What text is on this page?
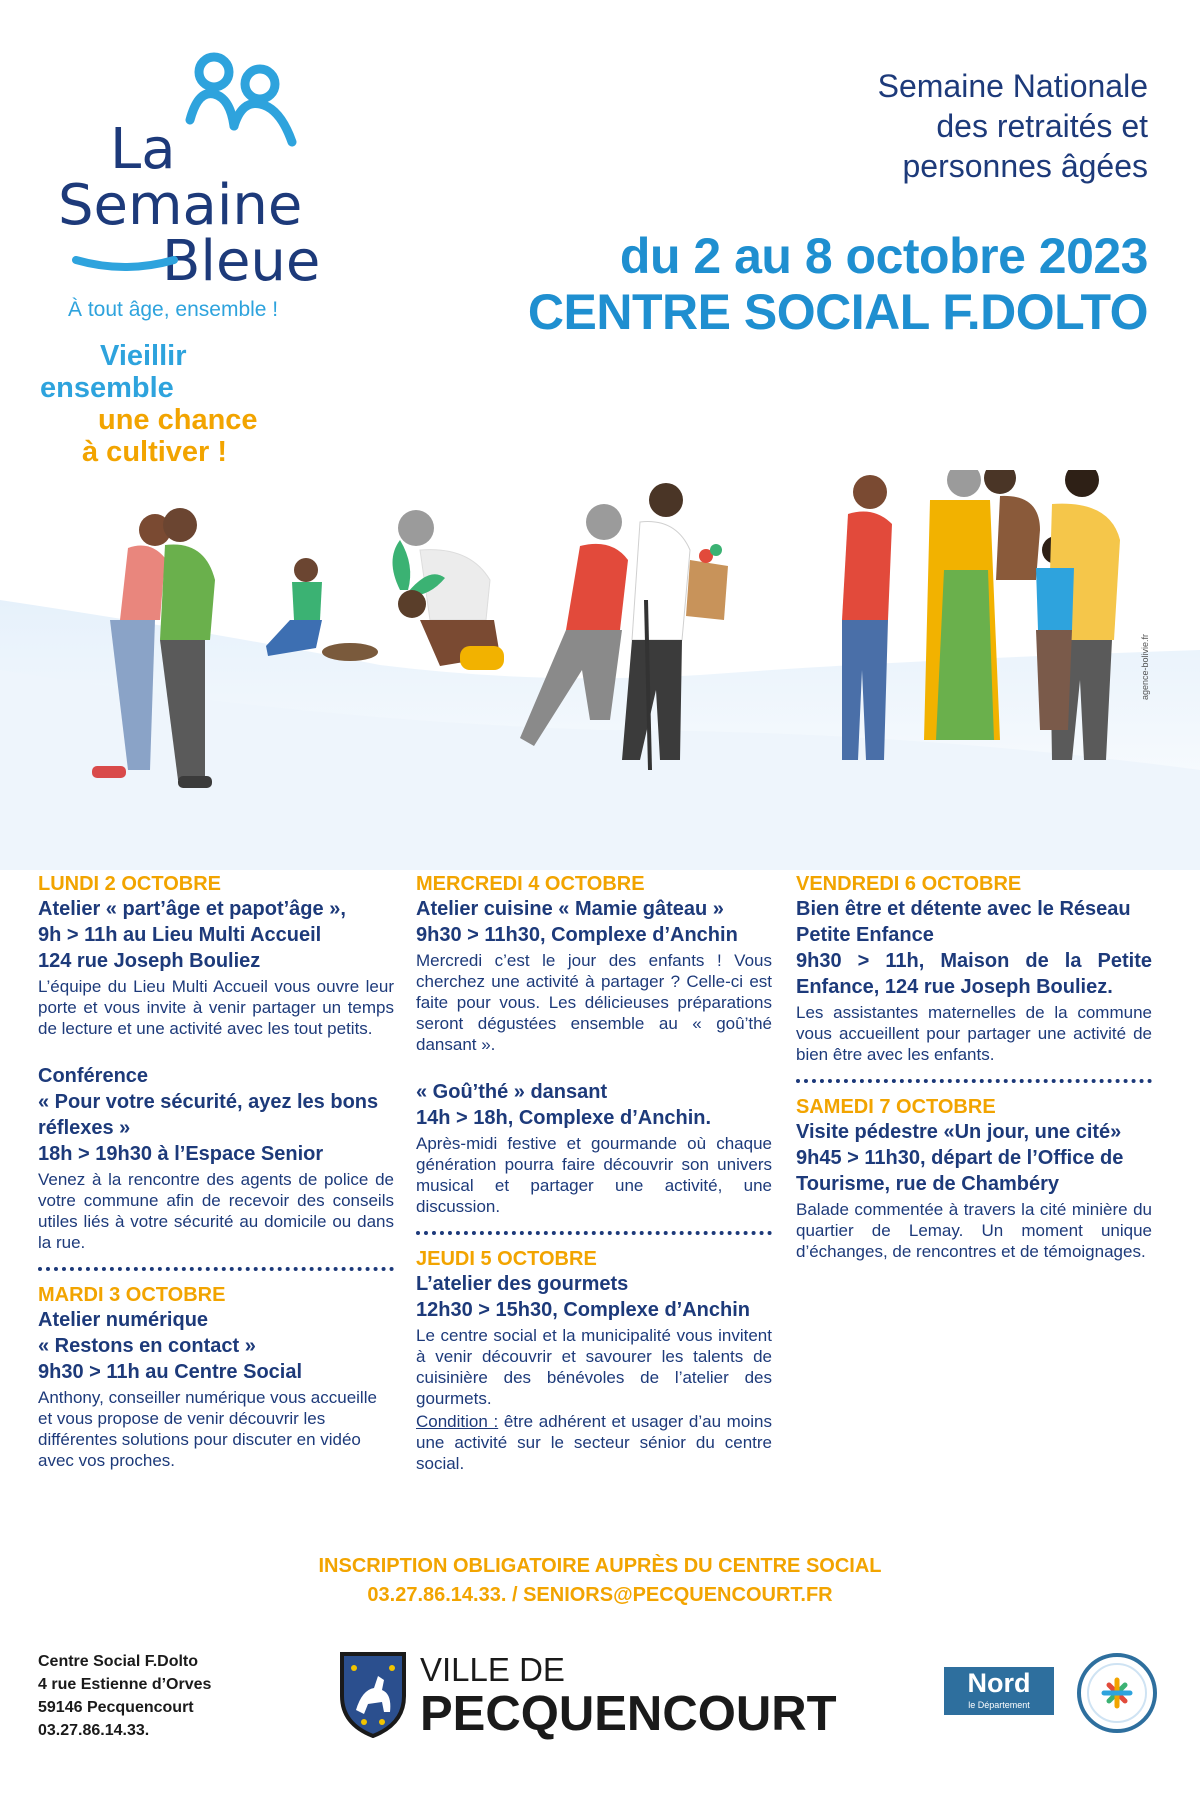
La
Semaine
Bleue
À tout âge, ensemble !
Vieillir
ensemble
une chance
à cultiver !
Semaine Nationale
des retraités et
personnes âgées
du 2 au 8 octobre 2023
CENTRE SOCIAL F.DOLTO
agence-bolivie.fr
LUNDI 2 OCTOBRE
Atelier « part’âge et papot’âge »,
9h > 11h au Lieu Multi Accueil
124 rue Joseph Bouliez
L’équipe du Lieu Multi Accueil vous ouvre leur porte et vous invite à venir partager un temps de lecture et une activité avec les tout petits.
Conférence
« Pour votre sécurité, ayez les bons réflexes »
18h > 19h30 à l’Espace Senior
Venez à la rencontre des agents de police de votre commune afin de recevoir des conseils utiles liés à votre sécurité au domicile ou dans la rue.
MARDI 3 OCTOBRE
Atelier numérique
« Restons en contact »
9h30 > 11h au Centre Social
Anthony, conseiller numérique vous accueille et vous propose de venir découvrir les différentes solutions pour discuter en vidéo avec vos proches.
MERCREDI 4 OCTOBRE
Atelier cuisine « Mamie gâteau »
9h30 > 11h30, Complexe d’Anchin
Mercredi c’est le jour des enfants ! Vous cherchez une activité à partager ? Celle-ci est faite pour vous. Les délicieuses préparations seront dégustées ensemble au « goû’thé dansant ».
« Goû’thé » dansant
14h > 18h, Complexe d’Anchin.
Après-midi festive et gourmande où chaque génération pourra faire découvrir son univers musical et partager une activité, une discussion.
JEUDI 5 OCTOBRE
L’atelier des gourmets
12h30 > 15h30, Complexe d’Anchin
Le centre social et la municipalité vous invitent à venir découvrir et savourer les talents de cuisinière des bénévoles de l’atelier des gourmets.
Condition : être adhérent et usager d’au moins une activité sur le secteur sénior du centre social.
VENDREDI 6 OCTOBRE
Bien être et détente avec le Réseau Petite Enfance
9h30 > 11h, Maison de la Petite Enfance, 124 rue Joseph Bouliez.
Les assistantes maternelles de la commune vous accueillent pour partager une activité de bien être avec les enfants.
SAMEDI 7 OCTOBRE
Visite pédestre «Un jour, une cité»
9h45 > 11h30, départ de l’Office de Tourisme, rue de Chambéry
Balade commentée à travers la cité minière du quartier de Lemay. Un moment unique d’échanges, de rencontres et de témoignages.
INSCRIPTION OBLIGATOIRE AUPRÈS DU CENTRE SOCIAL
03.27.86.14.33. / SENIORS@PECQUENCOURT.FR
Centre Social F.Dolto
4 rue Estienne d’Orves
59146 Pecquencourt
03.27.86.14.33.
VILLE DE
PECQUENCOURT
Nord
le Département
